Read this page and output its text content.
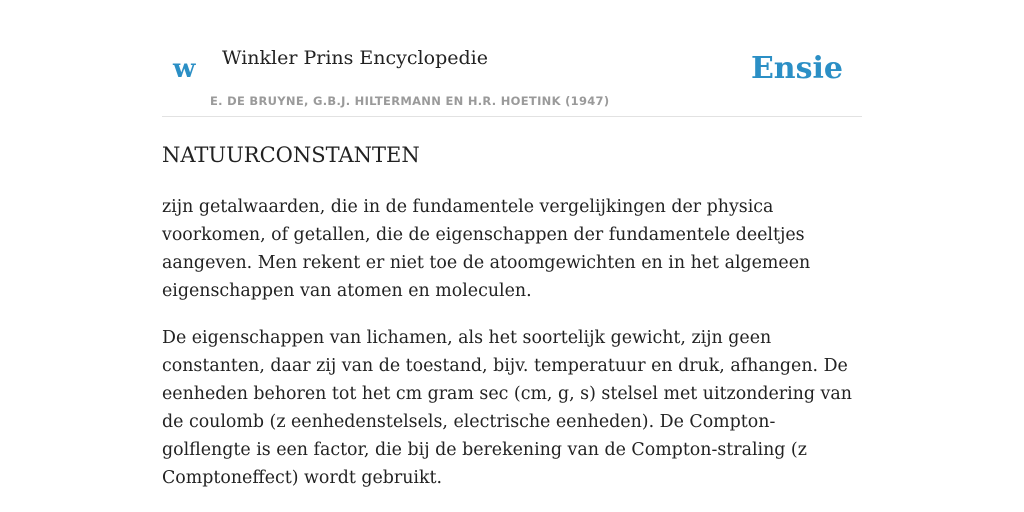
w Winkler Prins Encyclopedie
E. DE BRUYNE, G.B.J. HILTERMANN EN H.R. HOETINK (1947)
Ensie
NATUURCONSTANTEN

zijn getalwaarden, die in de fundamentele vergelijkingen der physica voorkomen, of getallen, die de eigenschappen der fundamentele deeltjes aangeven. Men rekent er niet toe de atoomgewichten en in het algemeen eigenschappen van atomen en moleculen.

De eigenschappen van lichamen, als het soortelijk gewicht, zijn geen constanten, daar zij van de toestand, bijv. temperatuur en druk, afhangen. De eenheden behoren tot het cm gram sec (cm, g, s) stelsel met uitzondering van de coulomb (z eenhedenstelsels, electrische eenheden). De Compton-golflengte is een factor, die bij de berekening van de Compton-straling (z Comptoneffect) wordt gebruikt.
